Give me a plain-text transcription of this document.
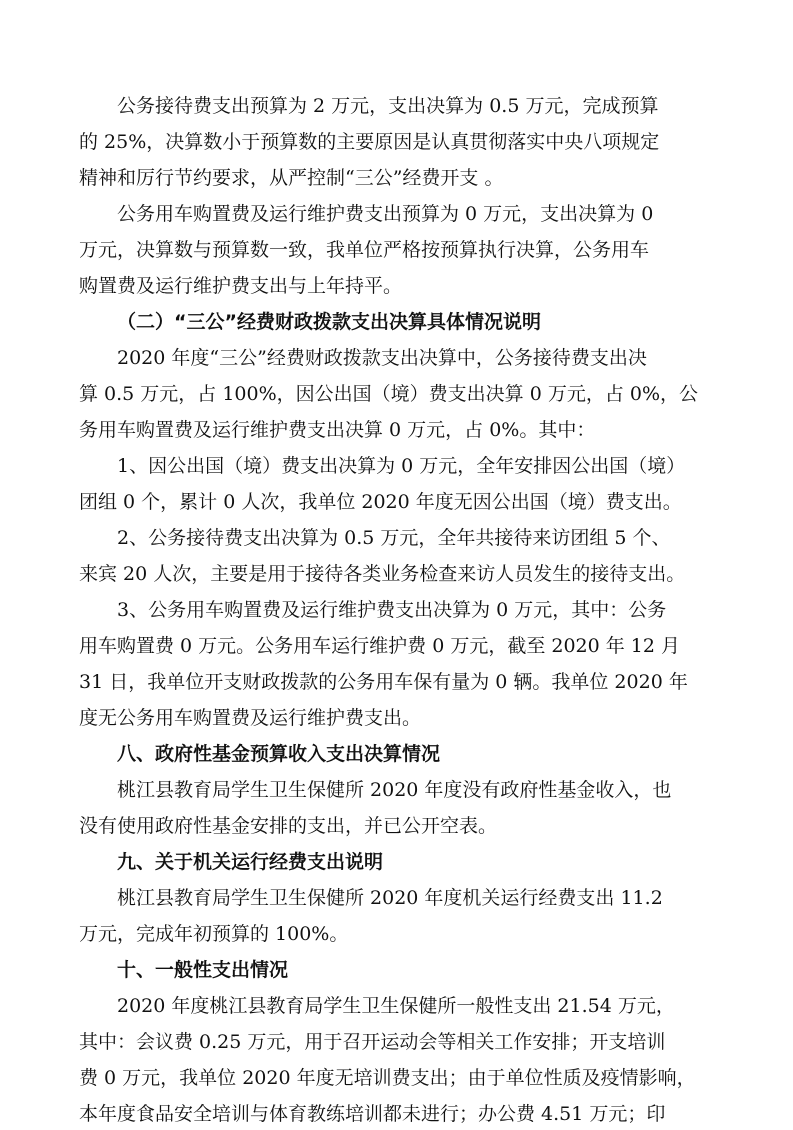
公务接待费支出预算为 2 万元，支出决算为 0.5 万元，完成预算
的 25%，决算数小于预算数的主要原因是认真贯彻落实中央八项规定
精神和厉行节约要求，从严控制“三公”经费开支 。
公务用车购置费及运行维护费支出预算为 0 万元，支出决算为 0
万元，决算数与预算数一致，我单位严格按预算执行决算，公务用车
购置费及运行维护费支出与上年持平。
（二）“三公”经费财政拨款支出决算具体情况说明
2020 年度“三公”经费财政拨款支出决算中，公务接待费支出决
算 0.5 万元，占 100%，因公出国（境）费支出决算 0 万元，占 0%，公
务用车购置费及运行维护费支出决算 0 万元，占 0%。其中：
1、因公出国（境）费支出决算为 0 万元，全年安排因公出国（境）
团组 0 个，累计 0 人次，我单位 2020 年度无因公出国（境）费支出。
2、公务接待费支出决算为 0.5 万元，全年共接待来访团组 5 个、
来宾 20 人次，主要是用于接待各类业务检查来访人员发生的接待支出。
3、公务用车购置费及运行维护费支出决算为 0 万元，其中：公务
用车购置费 0 万元。公务用车运行维护费 0 万元，截至 2020 年 12 月
31 日，我单位开支财政拨款的公务用车保有量为 0 辆。我单位 2020 年
度无公务用车购置费及运行维护费支出。
八、政府性基金预算收入支出决算情况
桃江县教育局学生卫生保健所 2020 年度没有政府性基金收入，也
没有使用政府性基金安排的支出，并已公开空表。
九、关于机关运行经费支出说明
桃江县教育局学生卫生保健所 2020 年度机关运行经费支出 11.2
万元，完成年初预算的 100%。
十、一般性支出情况
2020 年度桃江县教育局学生卫生保健所一般性支出 21.54 万元，
其中：会议费 0.25 万元，用于召开运动会等相关工作安排；开支培训
费 0 万元，我单位 2020 年度无培训费支出；由于单位性质及疫情影响，
本年度食品安全培训与体育教练培训都未进行；办公费 4.51 万元；印
